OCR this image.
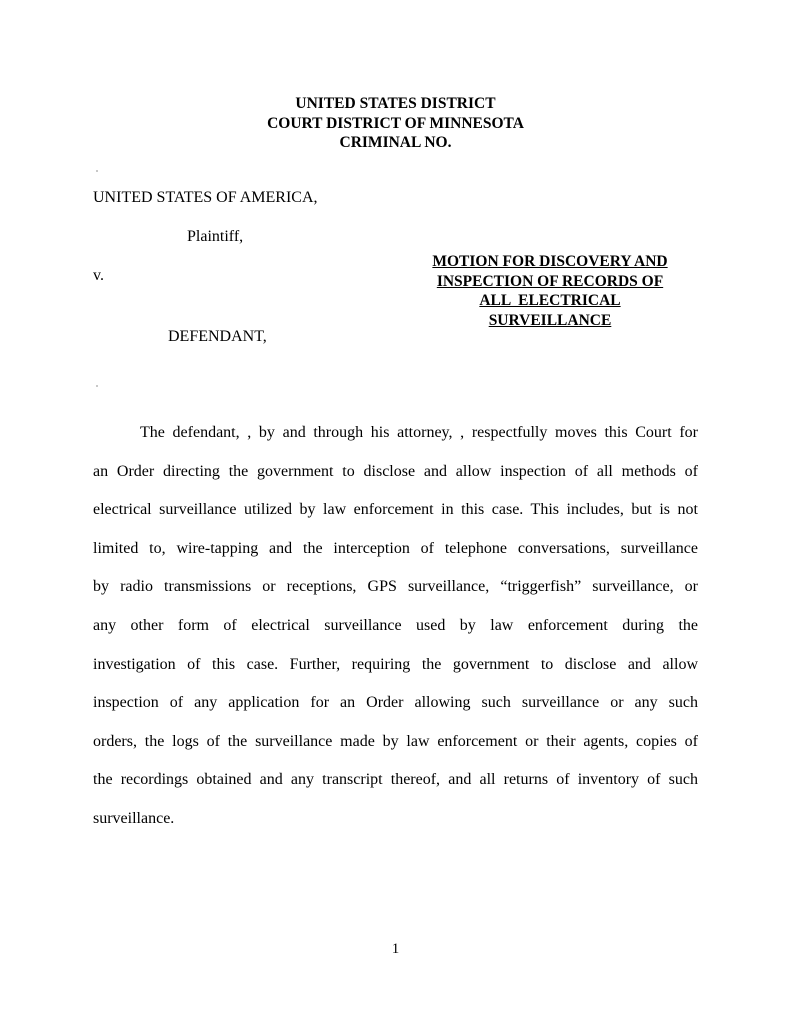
UNITED STATES DISTRICT
COURT DISTRICT OF MINNESOTA
CRIMINAL NO.
UNITED STATES OF AMERICA,
Plaintiff,
v.
DEFENDANT,
MOTION FOR DISCOVERY AND
INSPECTION OF RECORDS OF
ALL  ELECTRICAL
SURVEILLANCE
The defendant, , by and through his attorney, , respectfully moves this Court for
an Order directing the government to disclose and allow inspection of all methods of
electrical surveillance utilized by law enforcement in this case. This includes, but is not
limited to, wire-tapping and the interception of telephone conversations, surveillance
by radio transmissions or receptions, GPS surveillance, “triggerfish” surveillance, or
any other form of electrical surveillance used by law enforcement during the
investigation of this case. Further, requiring the government to disclose and allow
inspection of any application for an Order allowing such surveillance or any such
orders, the logs of the surveillance made by law enforcement or their agents, copies of
the recordings obtained and any transcript thereof, and all returns of inventory of such
surveillance.
1
